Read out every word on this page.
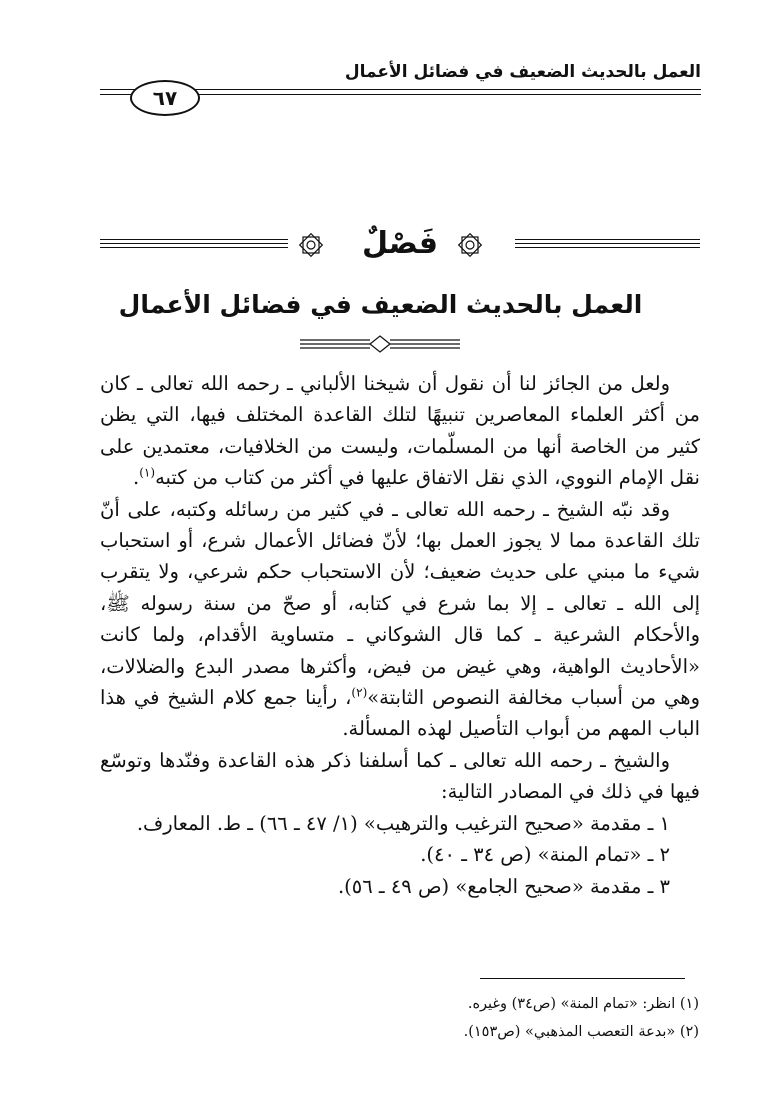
العمل بالحديث الضعيف في فضائل الأعمال
٦٧
فَصْلٌ
العمل بالحديث الضعيف في فضائل الأعمال

ولعل من الجائز لنا أن نقول أن شيخنا الألباني ـ رحمه الله تعالى ـ كان من أكثر العلماء المعاصرين تنبيهًا لتلك القاعدة المختلف فيها، التي يظن كثير من الخاصة أنها من المسلّمات، وليست من الخلافيات، معتمدين على نقل الإمام النووي، الذي نقل الاتفاق عليها في أكثر من كتاب من كتبه$^{(١)}$.

وقد نبّه الشيخ ـ رحمه الله تعالى ـ في كثير من رسائله وكتبه، على أنّ تلك القاعدة مما لا يجوز العمل بها؛ لأنّ فضائل الأعمال شرع، أو استحباب شيء ما مبني على حديث ضعيف؛ لأن الاستحباب حكم شرعي، ولا يتقرب إلى الله ـ تعالى ـ إلا بما شرع في كتابه، أو صحّ من سنة رسوله ﷺ، والأحكام الشرعية ـ كما قال الشوكاني ـ متساوية الأقدام، ولما كانت «الأحاديث الواهية، وهي غيض من فيض، وأكثرها مصدر البدع والضلالات، وهي من أسباب مخالفة النصوص الثابتة»$^{(٢)}$، رأينا جمع كلام الشيخ في هذا الباب المهم من أبواب التأصيل لهذه المسألة.

والشيخ ـ رحمه الله تعالى ـ كما أسلفنا ذكر هذه القاعدة وفنّدها وتوسّع فيها في ذلك في المصادر التالية:

١ ـ مقدمة «صحيح الترغيب والترهيب» (١/ ٤٧ ـ ٦٦) ـ ط. المعارف.

٢ ـ «تمام المنة» (ص ٣٤ ـ ٤٠).

٣ ـ مقدمة «صحيح الجامع» (ص ٤٩ ـ ٥٦).

(١) انظر: «تمام المنة» (ص٣٤) وغيره.
(٢) «بدعة التعصب المذهبي» (ص١٥٣).
